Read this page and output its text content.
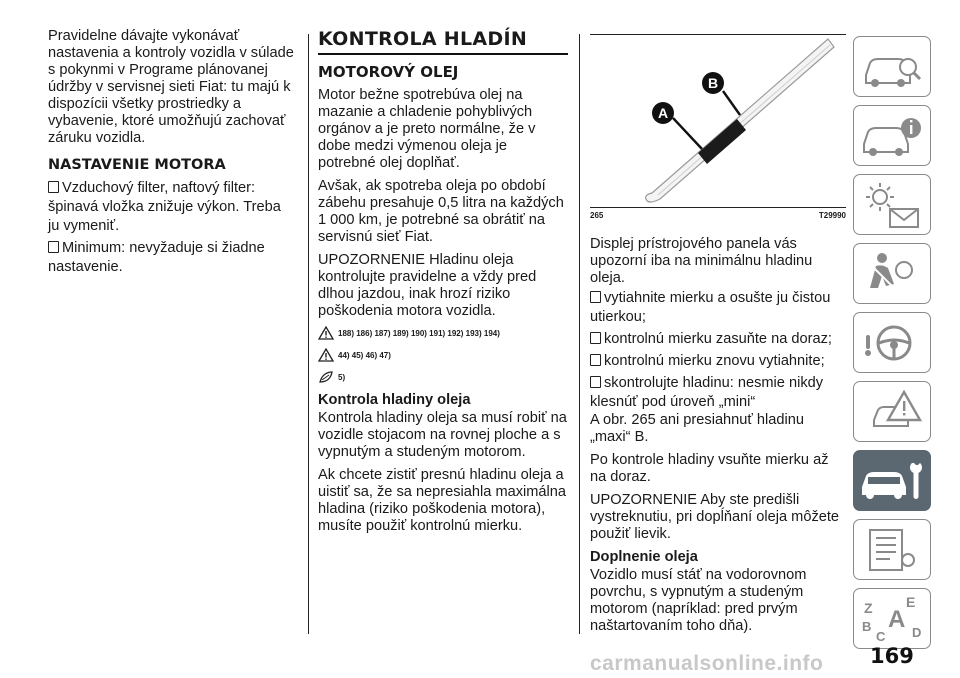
Pravidelne dávajte vykonávať nastavenia a kontroly vozidla v súlade s pokynmi v Programe plánovanej údržby v servisnej sieti Fiat: tu majú k dispozícii všetky prostriedky a vybavenie, ktoré umožňujú zachovať záruku vozidla.

NASTAVENIE MOTORA
Vzduchový filter, naftový filter: špinavá vložka znižuje výkon. Treba ju vymeniť.
Minimum: nevyžaduje si žiadne nastavenie.
KONTROLA HLADÍN
MOTOROVÝ OLEJ

Motor bežne spotrebúva olej na mazanie a chladenie pohyblivých orgánov a je preto normálne, že v dobe medzi výmenou oleja je potrebné olej doplňať.

Avšak, ak spotreba oleja po období zábehu presahuje 0,5 litra na každých 1 000 km, je potrebné sa obrátiť na servisnú sieť Fiat.

UPOZORNENIE Hladinu oleja kontrolujte pravidelne a vždy pred dlhou jazdou, inak hrozí riziko poškodenia motora vozidla.

188) 186) 187) 189) 190) 191) 192) 193) 194)
44) 45) 46) 47)
5)
Kontrola hladiny oleja

Kontrola hladiny oleja sa musí robiť na vozidle stojacom na rovnej ploche a s vypnutým a studeným motorom.

Ak chcete zistiť presnú hladinu oleja a uistiť sa, že sa nepresiahla maximálna hladina (riziko poškodenia motora), musíte použiť kontrolnú mierku.

A
B
265	T29990

Displej prístrojového panela vás upozorní iba na minimálnu hladinu oleja.

vytiahnite mierku a osušte ju čistou utierkou;
kontrolnú mierku zasuňte na doraz;
kontrolnú mierku znovu vytiahnite;
skontrolujte hladinu: nesmie nikdy klesnúť pod úroveň „mini“

A obr. 265 ani presiahnuť hladinu „maxi“ B.

Po kontrole hladiny vsuňte mierku až na doraz.

UPOZORNENIE Aby ste predišli vystreknutiu, pri dopĺňaní oleja môžete použiť lievik.

Doplnenie oleja

Vozidlo musí stáť na vodorovnom povrchu, s vypnutým a studeným motorom (napríklad: pred prvým naštartovaním toho dňa).

Z E
A
B
C D
169
carmanualsonline.info
